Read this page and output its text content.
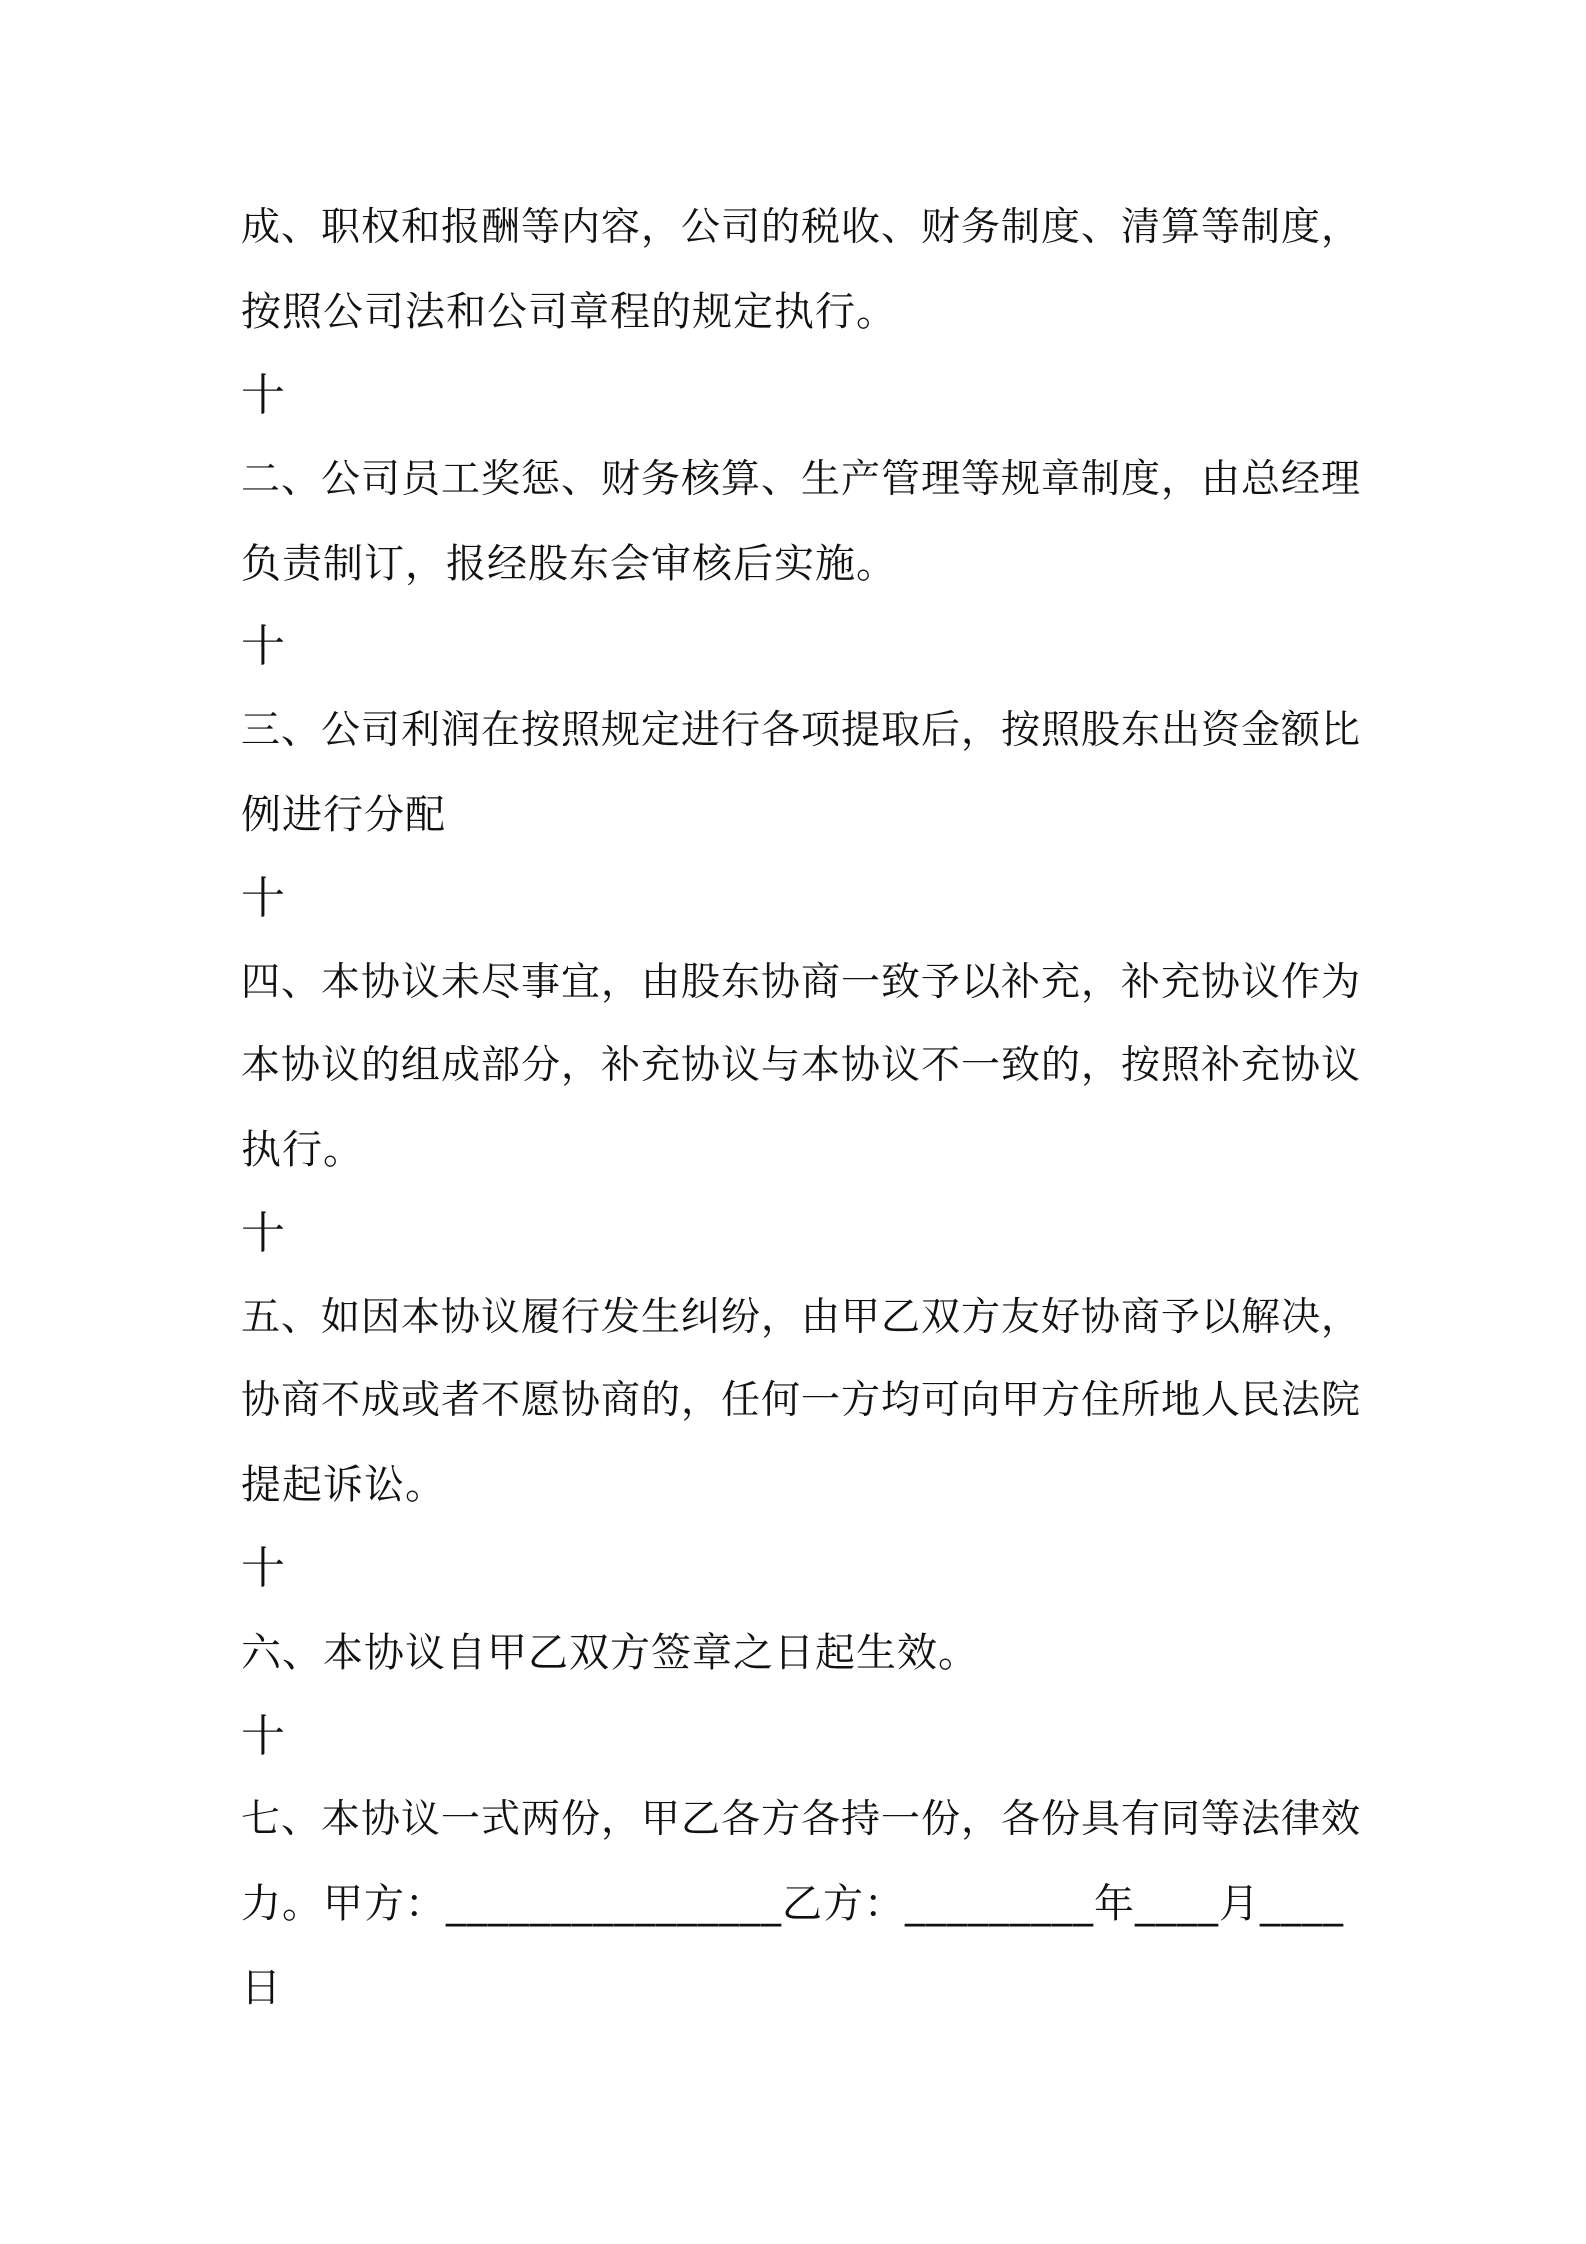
成、职权和报酬等内容，公司的税收、财务制度、清算等制度，
按照公司法和公司章程的规定执行。
十
二、公司员工奖惩、财务核算、生产管理等规章制度，由总经理
负责制订，报经股东会审核后实施。
十
三、公司利润在按照规定进行各项提取后，按照股东出资金额比
例进行分配
十
四、本协议未尽事宜，由股东协商一致予以补充，补充协议作为
本协议的组成部分，补充协议与本协议不一致的，按照补充协议
执行。
十
五、如因本协议履行发生纠纷，由甲乙双方友好协商予以解决，
协商不成或者不愿协商的，任何一方均可向甲方住所地人民法院
提起诉讼。
十
六、本协议自甲乙双方签章之日起生效。
十
七、本协议一式两份，甲乙各方各持一份，各份具有同等法律效
力。甲方：________________乙方：_________年____月____
日
